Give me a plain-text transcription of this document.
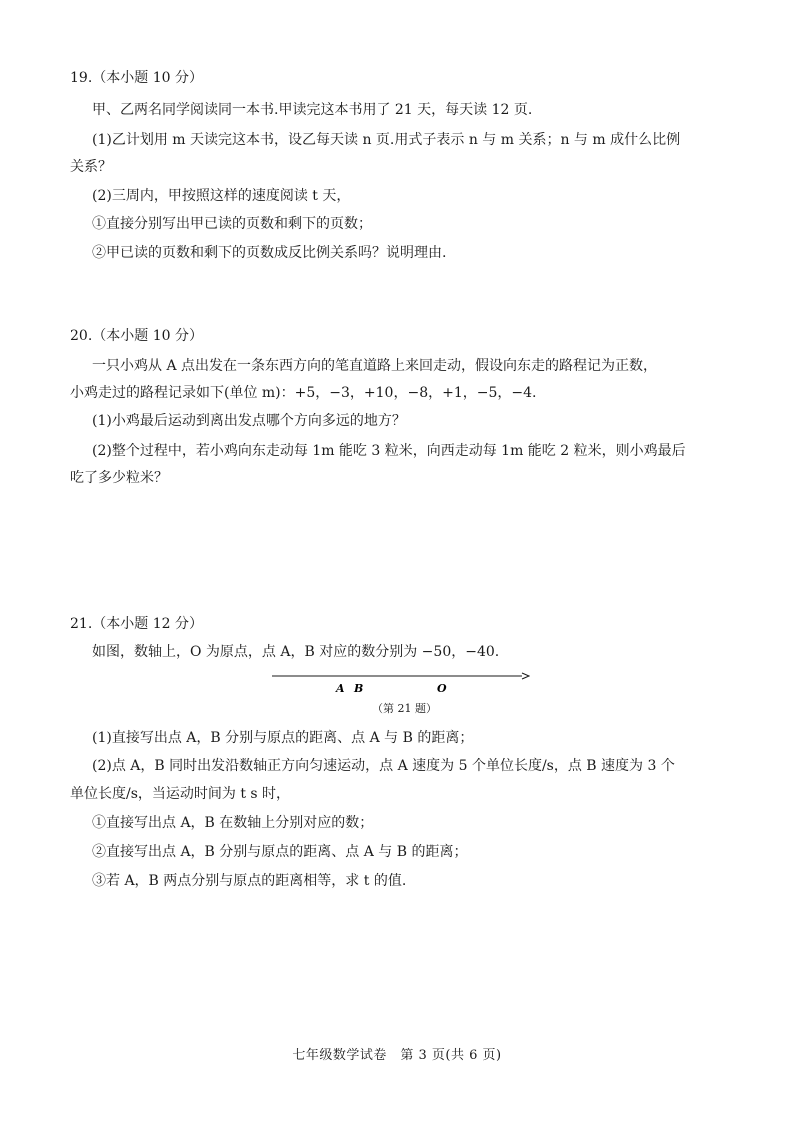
19.（本小题 10 分）
甲、乙两名同学阅读同一本书.甲读完这本书用了 21 天，每天读 12 页.
(1)乙计划用 m 天读完这本书，设乙每天读 n 页.用式子表示 n 与 m 关系；n 与 m 成什么比例
关系？
(2)三周内，甲按照这样的速度阅读 t 天，
①直接分别写出甲已读的页数和剩下的页数；
②甲已读的页数和剩下的页数成反比例关系吗？说明理由.
20.（本小题 10 分）
一只小鸡从 A 点出发在一条东西方向的笔直道路上来回走动，假设向东走的路程记为正数，
小鸡走过的路程记录如下(单位 m)：+5，−3，+10，−8，+1，−5，−4.
(1)小鸡最后运动到离出发点哪个方向多远的地方？
(2)整个过程中，若小鸡向东走动每 1m 能吃 3 粒米，向西走动每 1m 能吃 2 粒米，则小鸡最后
吃了多少粒米？
21.（本小题 12 分）
如图，数轴上，O 为原点，点 A，B 对应的数分别为 −50，−40.
A B	O
（第 21 题）
(1)直接写出点 A，B 分别与原点的距离、点 A 与 B 的距离；
(2)点 A，B 同时出发沿数轴正方向匀速运动，点 A 速度为 5 个单位长度/s，点 B 速度为 3 个
单位长度/s，当运动时间为 t s 时，
①直接写出点 A，B 在数轴上分别对应的数；
②直接写出点 A，B 分别与原点的距离、点 A 与 B 的距离；
③若 A，B 两点分别与原点的距离相等，求 t 的值.
七年级数学试卷　第 3 页(共 6 页)
